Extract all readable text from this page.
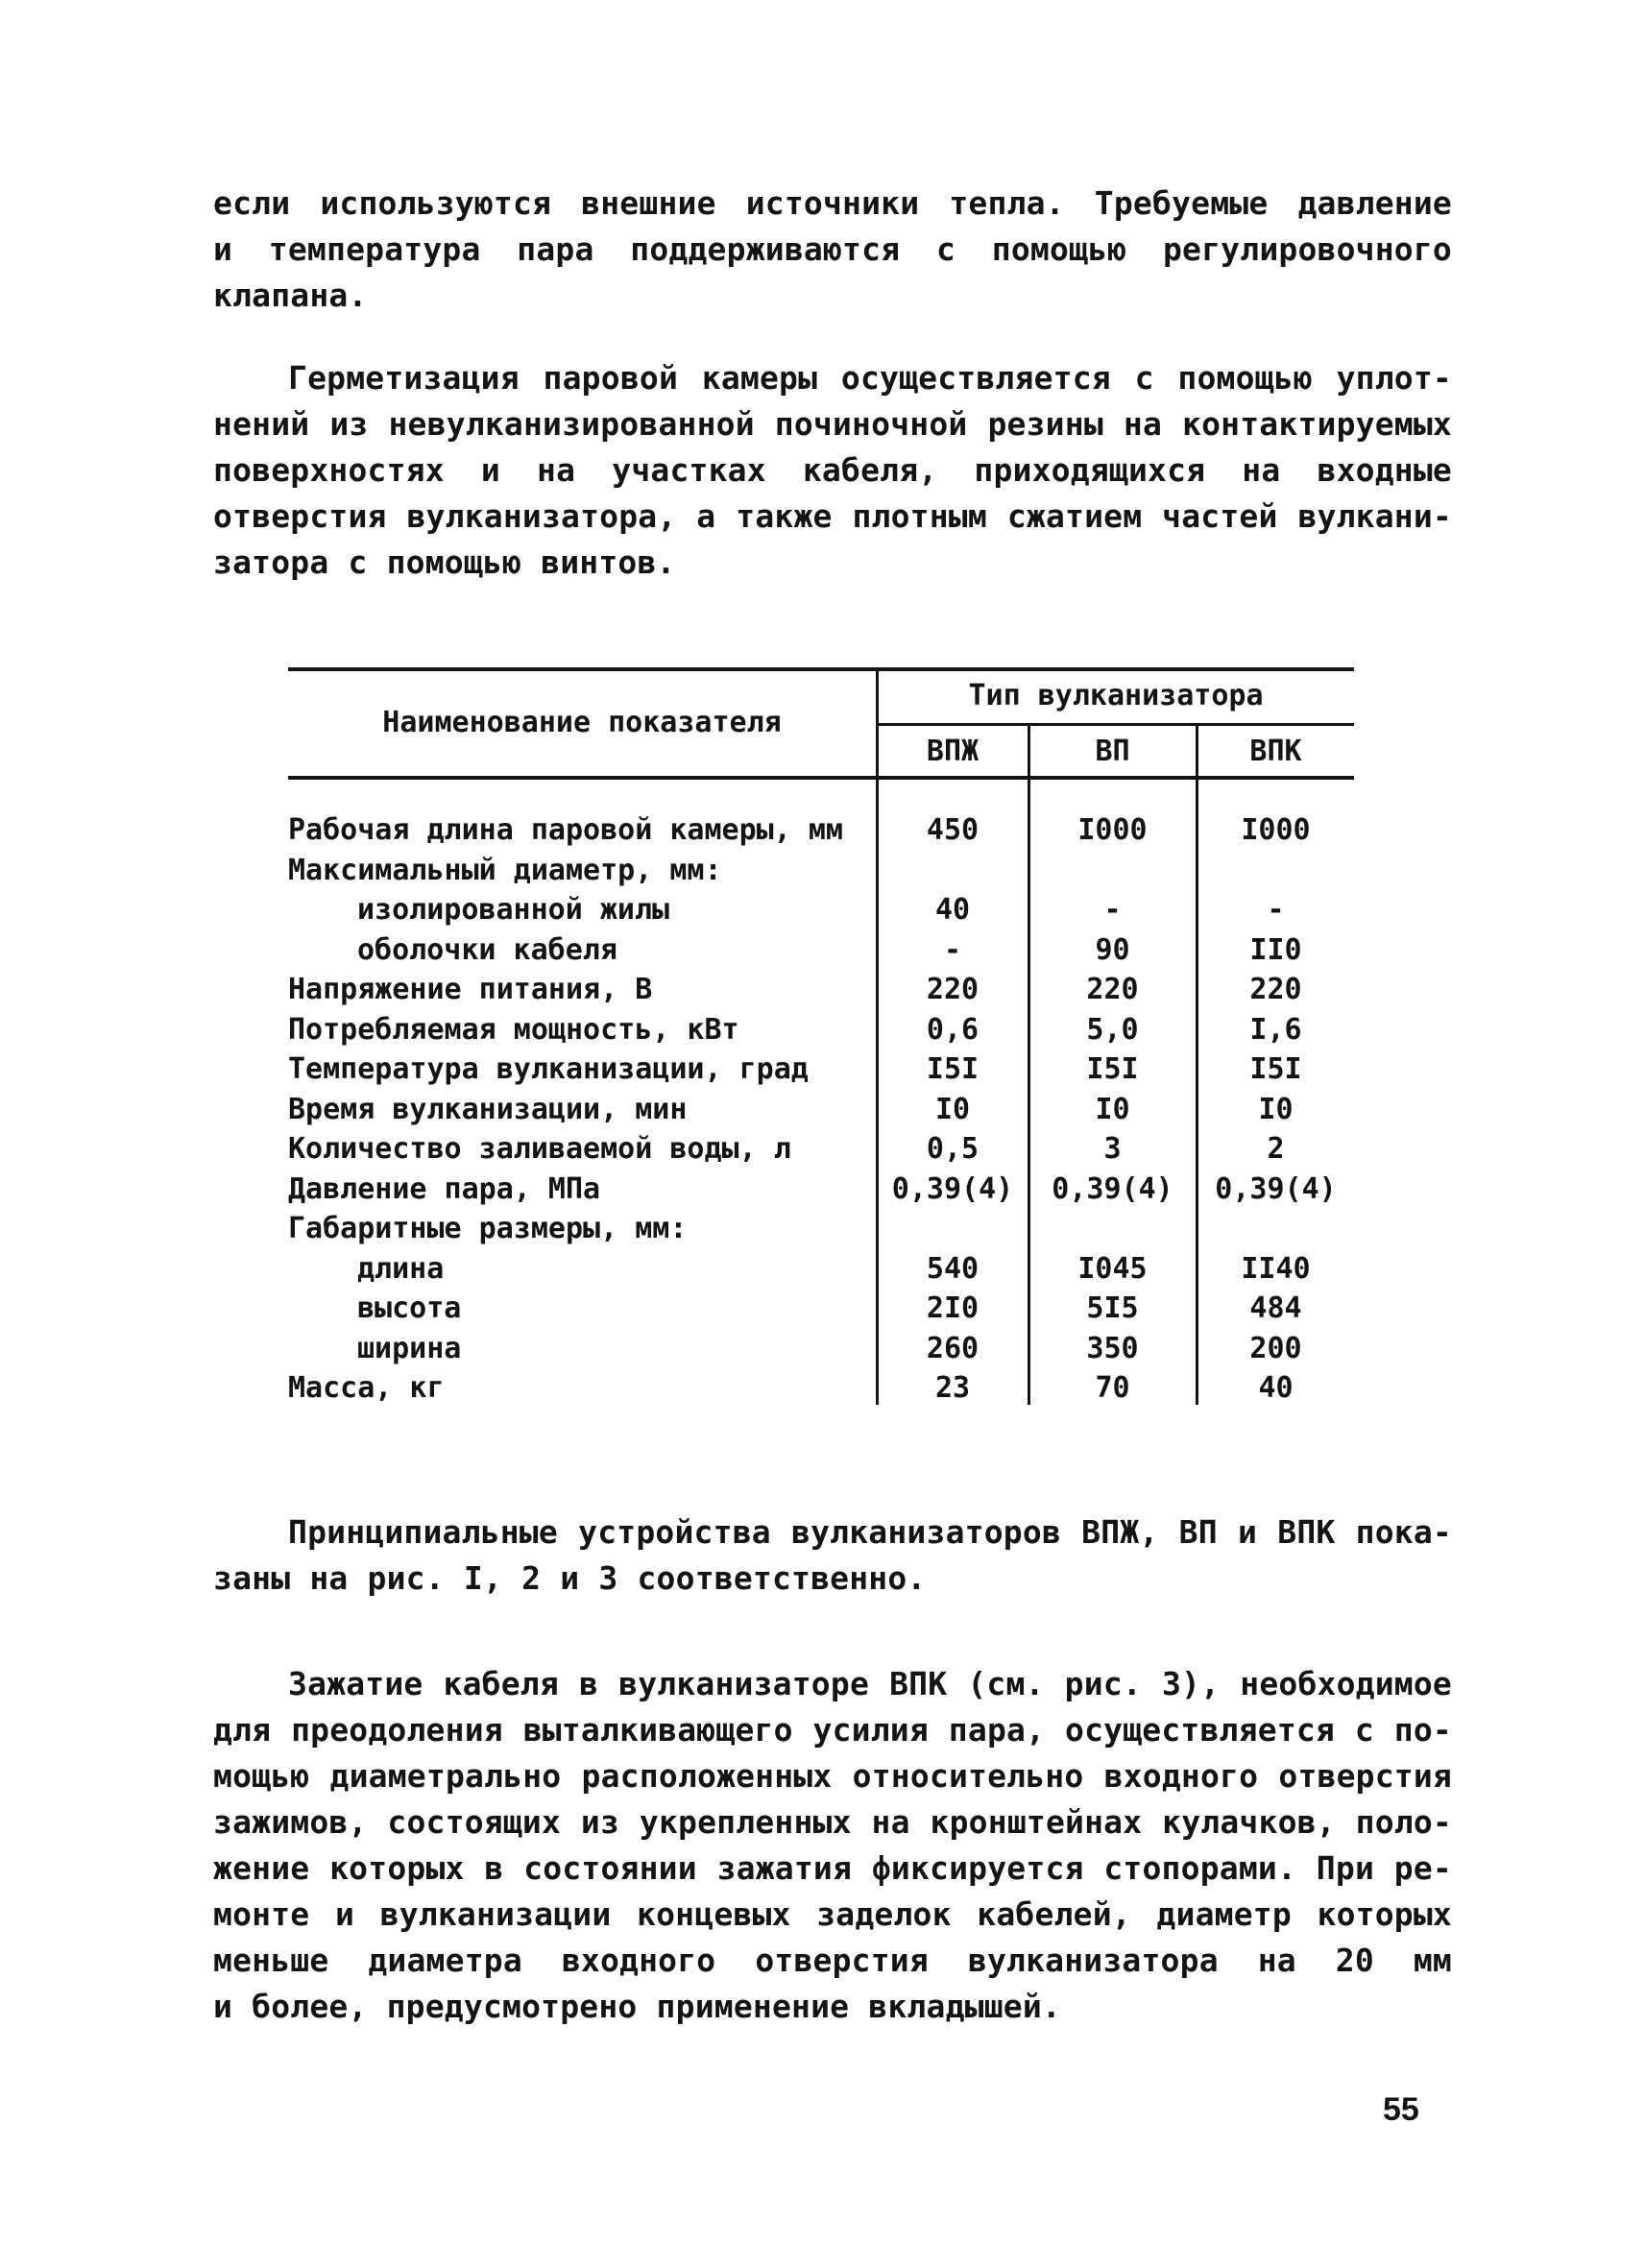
если используются внешние источники тепла. Требуемые давление
и температура пара поддерживаются с помощью регулировочного
клапана.
Герметизация паровой камеры осуществляется с помощью уплот-
нений из невулканизированной починочной резины на контактируемых
поверхностях и на участках кабеля, приходящихся на входные
отверстия вулканизатора, а также плотным сжатием частей вулкани-
затора с помощью винтов.
Наименование показателя
Тип вулканизатора
ВПЖ	ВП	ВПК
Рабочая длина паровой камеры, мм	450	I000	I000
Максимальный диаметр, мм:
изолированной жилы	40	-	-
оболочки кабеля	-	90	II0
Напряжение питания, В	220	220	220
Потребляемая мощность, кВт	0,6	5,0	I,6
Температура вулканизации, град	I5I	I5I	I5I
Время вулканизации, мин	I0	I0	I0
Количество заливаемой воды, л	0,5	3	2
Давление пара, МПа	0,39(4)	0,39(4)	0,39(4)
Габаритные размеры, мм:
длина	540	I045	II40
высота	2I0	5I5	484
ширина	260	350	200
Масса, кг	23	70	40
Принципиальные устройства вулканизаторов ВПЖ, ВП и ВПК пока-
заны на рис. I, 2 и 3 соответственно.
Зажатие кабеля в вулканизаторе ВПК (см. рис. 3), необходимое
для преодоления выталкивающего усилия пара, осуществляется с по-
мощью диаметрально расположенных относительно входного отверстия
зажимов, состоящих из укрепленных на кронштейнах кулачков, поло-
жение которых в состоянии зажатия фиксируется стопорами. При ре-
монте и вулканизации концевых заделок кабелей, диаметр которых
меньше диаметра входного отверстия вулканизатора на 20 мм
и более, предусмотрено применение вкладышей.
55
